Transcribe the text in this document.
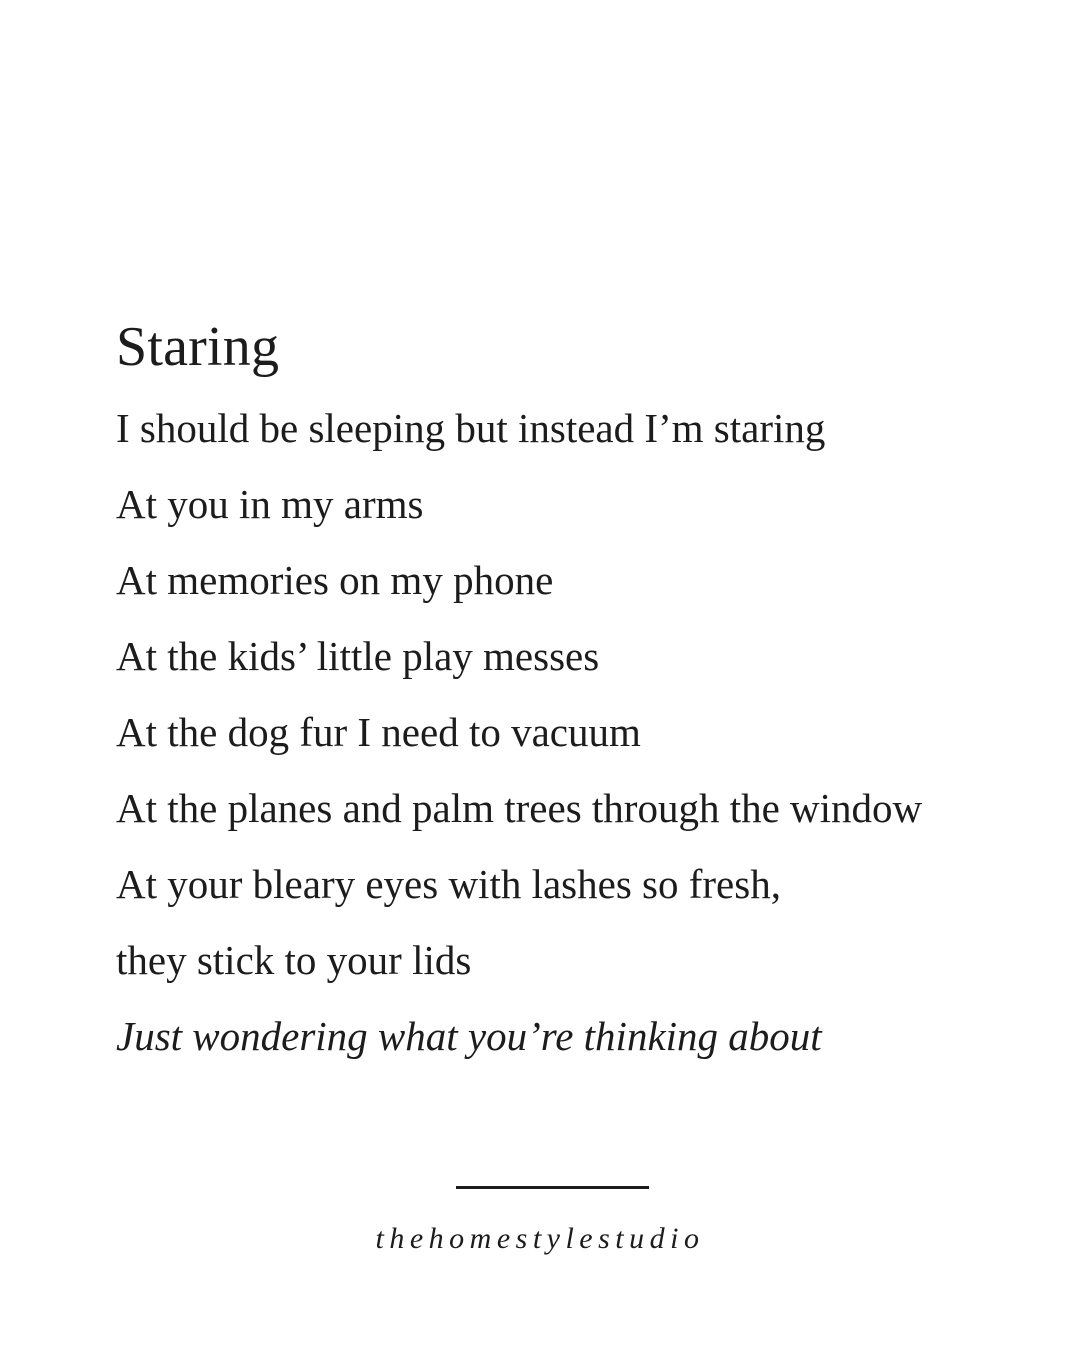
Staring
I should be sleeping but instead I’m staring
At you in my arms
At memories on my phone
At the kids’ little play messes
At the dog fur I need to vacuum
At the planes and palm trees through the window
At your bleary eyes with lashes so fresh,
they stick to your lids
Just wondering what you’re thinking about
thehomestylestudio
